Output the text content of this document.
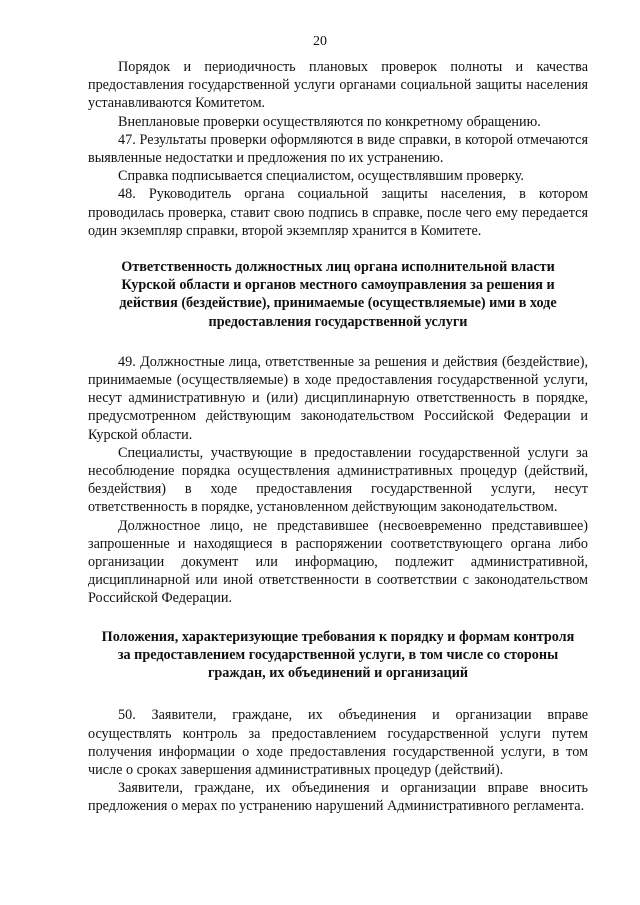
20

Порядок и периодичность плановых проверок полноты и качества предоставления государственной услуги органами социальной защиты населения устанавливаются Комитетом.

Внеплановые проверки осуществляются по конкретному обращению.

47. Результаты проверки оформляются в виде справки, в которой отмечаются выявленные недостатки и предложения по их устранению.

Справка подписывается специалистом, осуществлявшим проверку.

48. Руководитель органа социальной защиты населения, в котором проводилась проверка, ставит свою подпись в справке, после чего ему передается один экземпляр справки, второй экземпляр хранится в Комитете.

Ответственность должностных лиц органа исполнительной власти Курской области и органов местного самоуправления за решения и действия (бездействие), принимаемые (осуществляемые) ими в ходе предоставления государственной услуги

49. Должностные лица, ответственные за решения и действия (бездействие), принимаемые (осуществляемые) в ходе предоставления государственной услуги, несут административную и (или) дисциплинарную ответственность в порядке, предусмотренном действующим законодательством Российской Федерации и Курской области.

Специалисты, участвующие в предоставлении государственной услуги за несоблюдение порядка осуществления административных процедур (действий, бездействия) в ходе предоставления государственной услуги, несут ответственность в порядке, установленном действующим законодательством.

Должностное лицо, не представившее (несвоевременно представившее) запрошенные и находящиеся в распоряжении соответствующего органа либо организации документ или информацию, подлежит административной, дисциплинарной или иной ответственности в соответствии с законодательством Российской Федерации.

Положения, характеризующие требования к порядку и формам контроля за предоставлением государственной услуги, в том числе со стороны граждан, их объединений и организаций

50. Заявители, граждане, их объединения и организации вправе осуществлять контроль за предоставлением государственной услуги путем получения информации о ходе предоставления государственной услуги, в том числе о сроках завершения административных процедур (действий).

Заявители, граждане, их объединения и организации вправе вносить предложения о мерах по устранению нарушений Административного регламента.
